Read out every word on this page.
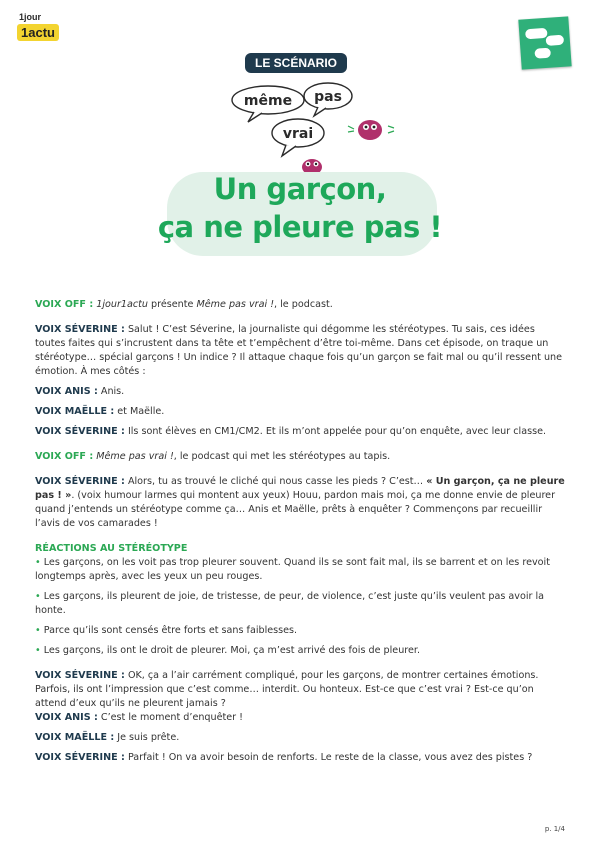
1jour
1actu
LE SCÉNARIO
même pas
vrai
Un garçon,
ça ne pleure pas !

VOIX OFF : 1jour1actu présente Même pas vrai !, le podcast.

VOIX SÉVERINE : Salut ! C’est Séverine, la journaliste qui dégomme les stéréotypes. Tu sais, ces idées toutes faites qui s’incrustent dans ta tête et t’empêchent d’être toi-même. Dans cet épisode, on traque un stéréotype… spécial garçons ! Un indice ? Il attaque chaque fois qu’un garçon se fait mal ou qu’il ressent une émotion. À mes côtés :

VOIX ANIS : Anis.

VOIX MAËLLE : et Maëlle.

VOIX SÉVERINE : Ils sont élèves en CM1/CM2. Et ils m’ont appelée pour qu’on enquête, avec leur classe.

VOIX OFF : Même pas vrai !, le podcast qui met les stéréotypes au tapis.

VOIX SÉVERINE : Alors, tu as trouvé le cliché qui nous casse les pieds ? C’est… « Un garçon, ça ne pleure pas ! ». (voix humour larmes qui montent aux yeux) Houu, pardon mais moi, ça me donne envie de pleurer quand j’entends un stéréotype comme ça… Anis et Maëlle, prêts à enquêter ? Commençons par recueillir l’avis de vos camarades !

RÉACTIONS AU STÉRÉOTYPE

• Les garçons, on les voit pas trop pleurer souvent. Quand ils se sont fait mal, ils se barrent et on les revoit longtemps après, avec les yeux un peu rouges.

• Les garçons, ils pleurent de joie, de tristesse, de peur, de violence, c’est juste qu’ils veulent pas avoir la honte.

• Parce qu’ils sont censés être forts et sans faiblesses.

• Les garçons, ils ont le droit de pleurer. Moi, ça m’est arrivé des fois de pleurer.

VOIX SÉVERINE : OK, ça a l’air carrément compliqué, pour les garçons, de montrer certaines émotions. Parfois, ils ont l’impression que c’est comme… interdit. Ou honteux. Est-ce que c’est vrai ? Est-ce qu’on attend d’eux qu’ils ne pleurent jamais ?

VOIX ANIS : C’est le moment d’enquêter !

VOIX MAËLLE : Je suis prête.

VOIX SÉVERINE : Parfait ! On va avoir besoin de renforts. Le reste de la classe, vous avez des pistes ?

p. 1/4
